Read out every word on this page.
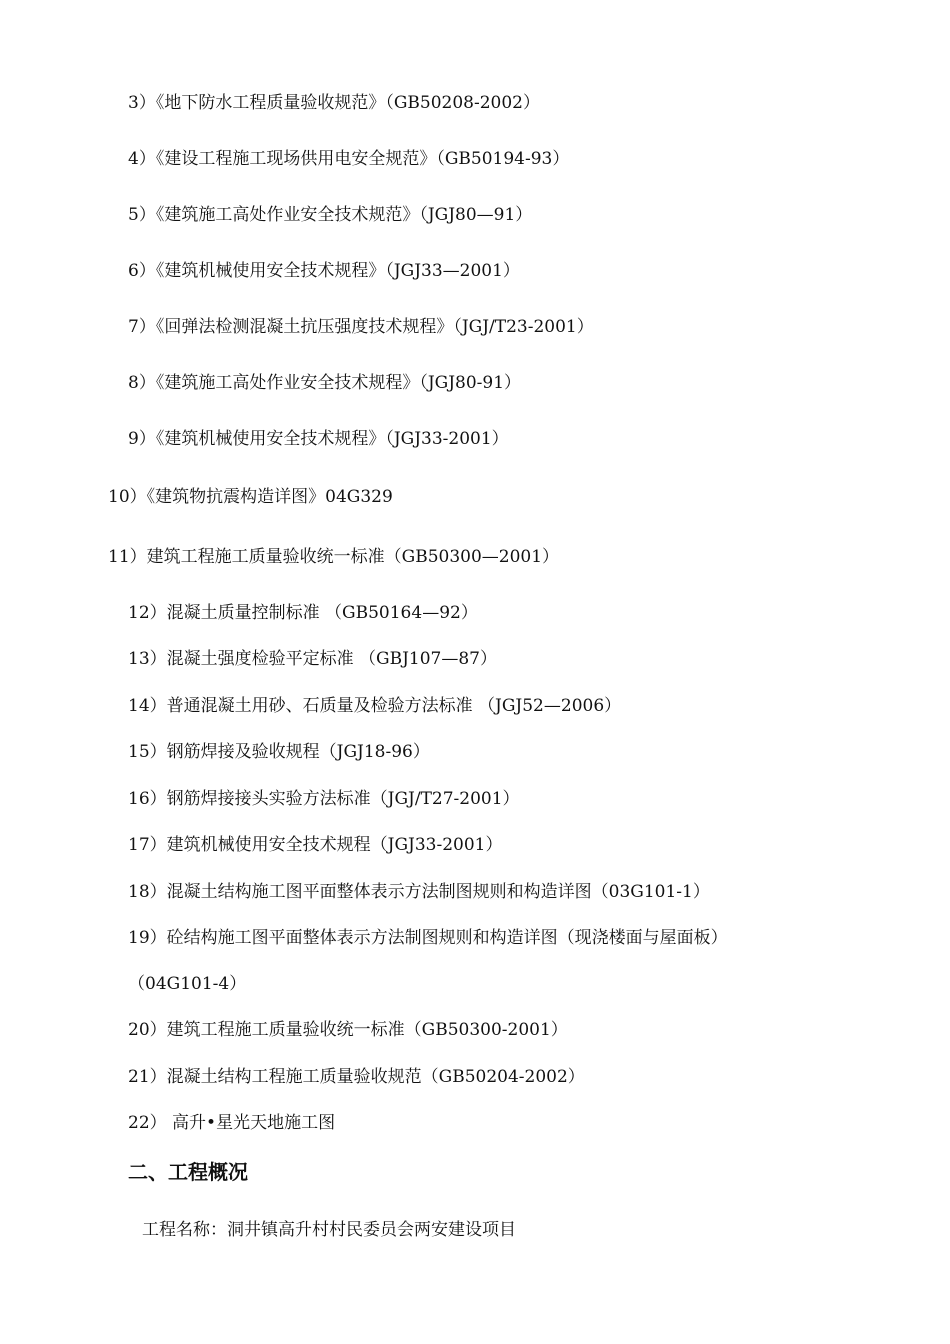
3）《地下防水工程质量验收规范》（GB50208-2002）
4）《建设工程施工现场供用电安全规范》（GB50194-93）
5）《建筑施工高处作业安全技术规范》（JGJ80—91）
6）《建筑机械使用安全技术规程》（JGJ33—2001）
7）《回弹法检测混凝土抗压强度技术规程》（JGJ/T23-2001）
8）《建筑施工高处作业安全技术规程》（JGJ80-91）
9）《建筑机械使用安全技术规程》（JGJ33-2001）
10）《建筑物抗震构造详图》04G329
11）建筑工程施工质量验收统一标准（GB50300—2001）
12）混凝土质量控制标准 （GB50164—92）
13）混凝土强度检验平定标准 （GBJ107—87）
14）普通混凝土用砂、石质量及检验方法标准 （JGJ52—2006）
15）钢筋焊接及验收规程（JGJ18-96）
16）钢筋焊接接头实验方法标准（JGJ/T27-2001）
17）建筑机械使用安全技术规程（JGJ33-2001）
18）混凝土结构施工图平面整体表示方法制图规则和构造详图（03G101-1）
19）砼结构施工图平面整体表示方法制图规则和构造详图（现浇楼面与屋面板）
（04G101-4）
20）建筑工程施工质量验收统一标准（GB50300-2001）
21）混凝土结构工程施工质量验收规范（GB50204-2002）
22） 高升•星光天地施工图
二、工程概况
工程名称：洞井镇高升村村民委员会两安建设项目
